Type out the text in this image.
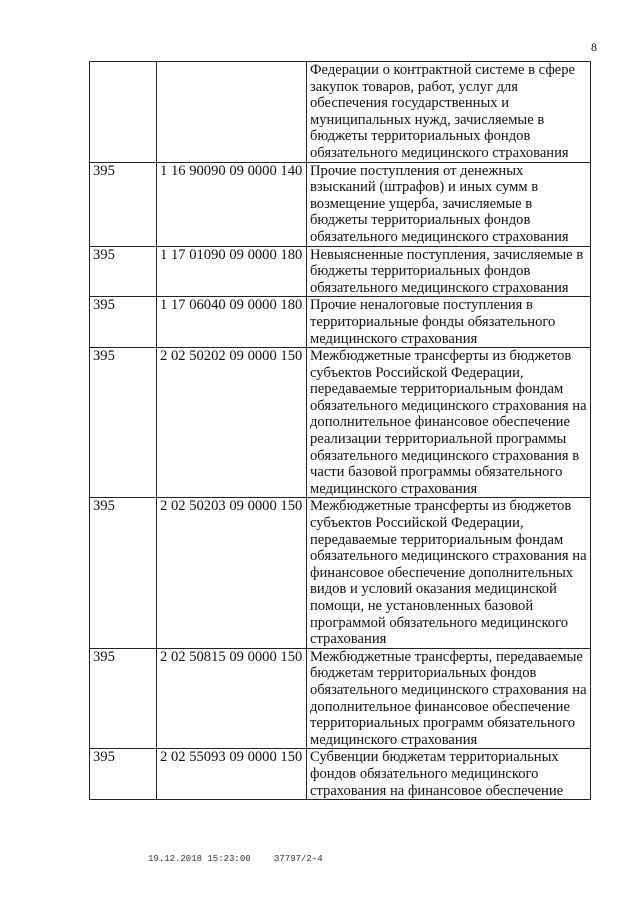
8
		Федерации о контрактной системе в сфере закупок товаров, работ, услуг для обеспечения государственных и муниципальных нужд, зачисляемые в бюджеты территориальных фондов обязательного медицинского страхования
395	1 16 90090 09 0000 140	Прочие поступления от денежных взысканий (штрафов) и иных сумм в возмещение ущерба, зачисляемые в бюджеты территориальных фондов обязательного медицинского страхования
395	1 17 01090 09 0000 180	Невыясненные поступления, зачисляемые в бюджеты территориальных фондов обязательного медицинского страхования
395	1 17 06040 09 0000 180	Прочие неналоговые поступления в территориальные фонды обязательного медицинского страхования
395	2 02 50202 09 0000 150	Межбюджетные трансферты из бюджетов субъектов Российской Федерации, передаваемые территориальным фондам обязательного медицинского страхования на дополнительное финансовое обеспечение реализации территориальной программы обязательного медицинского страхования в части базовой программы обязательного медицинского страхования
395	2 02 50203 09 0000 150	Межбюджетные трансферты из бюджетов субъектов Российской Федерации, передаваемые территориальным фондам обязательного медицинского страхования на финансовое обеспечение дополнительных видов и условий оказания медицинской помощи, не установленных базовой программой обязательного медицинского страхования
395	2 02 50815 09 0000 150	Межбюджетные трансферты, передаваемые бюджетам территориальных фондов обязательного медицинского страхования на дополнительное финансовое обеспечение территориальных программ обязательного медицинского страхования
395	2 02 55093 09 0000 150	Субвенции бюджетам территориальных фондов обязательного медицинского страхования на финансовое обеспечение
19.12.2018 15:23:00	37797/2-4
